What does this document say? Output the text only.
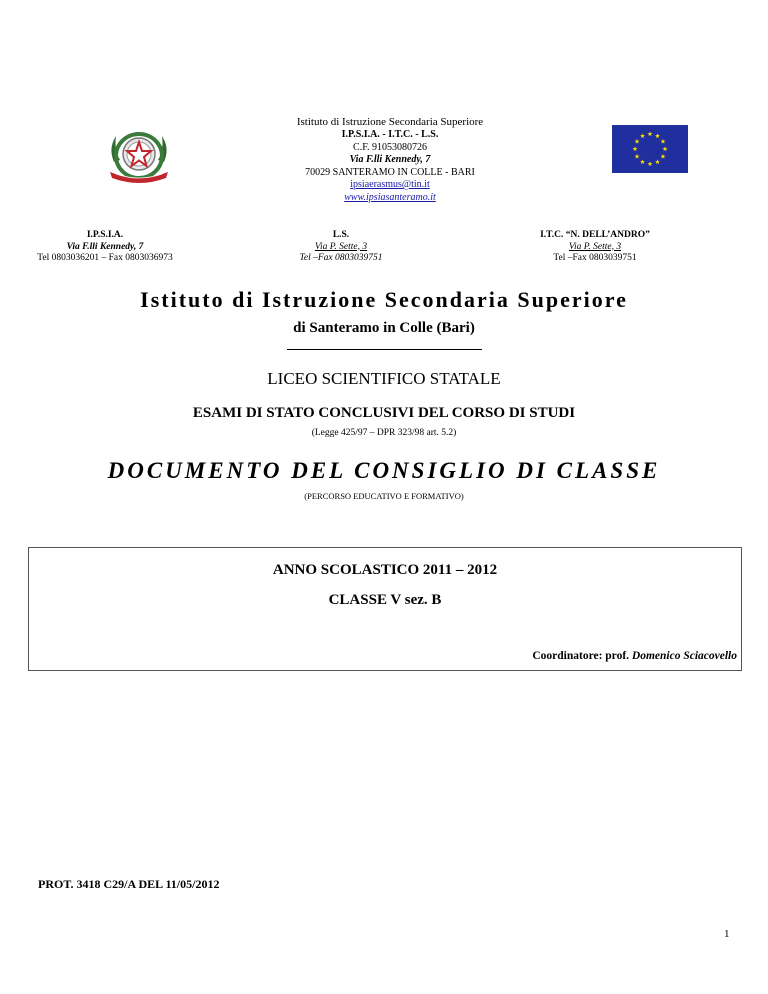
Istituto di Istruzione Secondaria Superiore
I.P.S.I.A. - I.T.C. - L.S.
C.F. 91053080726
Via F.lli Kennedy, 7
70029 SANTERAMO IN COLLE - BARI
ipsiaerasmus@tin.it
www.ipsiasanteramo.it
I.P.S.I.A.
Via F.lli Kennedy, 7
Tel 0803036201 – Fax 0803036973
L.S.
Via P. Sette, 3
Tel –Fax 0803039751
I.T.C. “N. DELL’ANDRO”
Via P. Sette, 3
Tel –Fax 0803039751
Istituto di Istruzione Secondaria Superiore
di Santeramo in Colle (Bari)
LICEO SCIENTIFICO STATALE
ESAMI DI STATO CONCLUSIVI DEL CORSO DI STUDI
(Legge 425/97 – DPR 323/98 art. 5.2)
DOCUMENTO DEL CONSIGLIO DI CLASSE
(PERCORSO EDUCATIVO E FORMATIVO)
ANNO SCOLASTICO 2011 – 2012
CLASSE V sez. B
Coordinatore: prof. Domenico Sciacovello
PROT. 3418 C29/A DEL 11/05/2012
1
